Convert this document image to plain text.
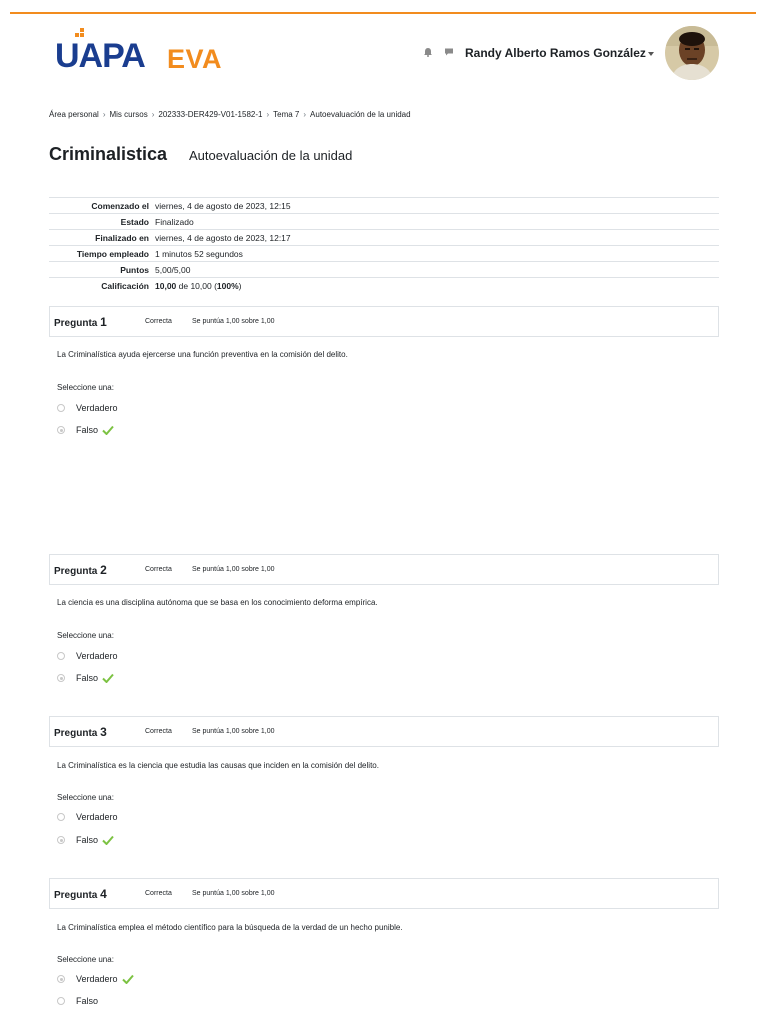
UAPA EVA	Randy Alberto Ramos González
Área personal › Mis cursos › 202333-DER429-V01-1582-1 › Tema 7 › Autoevaluación de la unidad
Criminalistica Autoevaluación de la unidad
Comenzado el	viernes, 4 de agosto de 2023, 12:15
Estado	Finalizado
Finalizado en	viernes, 4 de agosto de 2023, 12:17
Tiempo empleado	1 minutos 52 segundos
Puntos	5,00/5,00
Calificación	10,00 de 10,00 (100%)
Pregunta 1	Correcta	Se puntúa 1,00 sobre 1,00
La Criminalística ayuda ejercerse una función preventiva en la comisión del delito.
Seleccione una:
Verdadero
Falso
Pregunta 2	Correcta	Se puntúa 1,00 sobre 1,00
La ciencia es una disciplina autónoma que se basa en los conocimiento deforma empírica.
Seleccione una:
Verdadero
Falso
Pregunta 3	Correcta	Se puntúa 1,00 sobre 1,00
La Criminalística es la ciencia que estudia las causas que inciden en la comisión del delito.
Seleccione una:
Verdadero
Falso
Pregunta 4	Correcta	Se puntúa 1,00 sobre 1,00
La Criminalística emplea el método científico para la búsqueda de la verdad de un hecho punible.
Seleccione una:
Verdadero
Falso
